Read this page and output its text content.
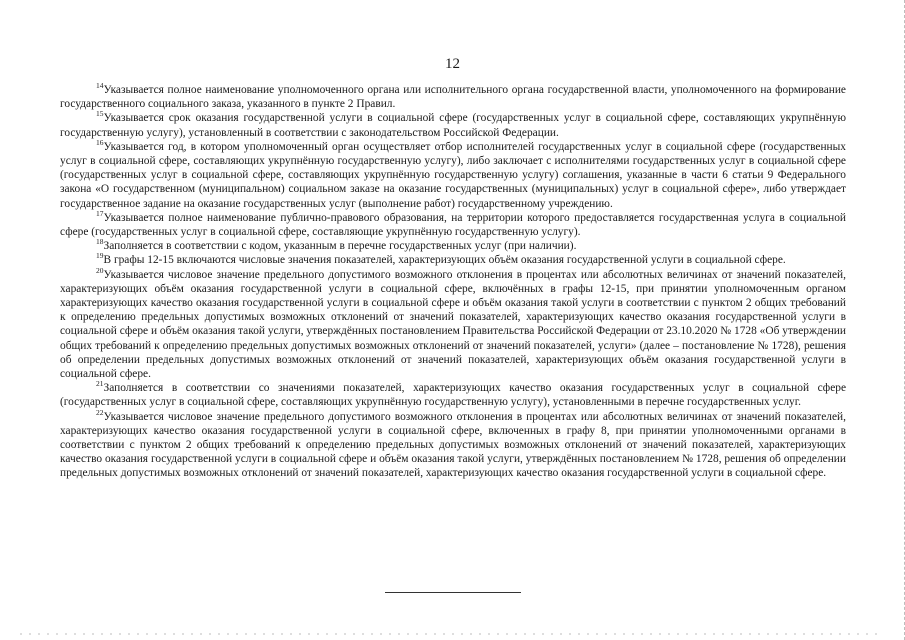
12

$^{14}$Указывается полное наименование уполномоченного органа или исполнительного органа государственной власти, уполномоченного на формирование государственного социального заказа, указанного в пункте 2 Правил.

$^{15}$Указывается срок оказания государственной услуги в социальной сфере (государственных услуг в социальной сфере, составляющих укрупнённую государственную услугу), установленный в соответствии с законодательством Российской Федерации.

$^{16}$Указывается год, в котором уполномоченный орган осуществляет отбор исполнителей государственных услуг в социальной сфере (государственных услуг в социальной сфере, составляющих укрупнённую государственную услугу), либо заключает с исполнителями государственных услуг в социальной сфере (государственных услуг в социальной сфере, составляющих укрупнённую государственную услугу) соглашения, указанные в части 6 статьи 9 Федерального закона «О государственном (муниципальном) социальном заказе на оказание государственных (муниципальных) услуг в социальной сфере», либо утверждает государственное задание на оказание государственных услуг (выполнение работ) государственному учреждению.

$^{17}$Указывается полное наименование публично-правового образования, на территории которого предоставляется государственная услуга в социальной сфере (государственных услуг в социальной сфере, составляющие укрупнённую государственную услугу).

$^{18}$Заполняется в соответствии с кодом, указанным в перечне государственных услуг (при наличии).

$^{19}$В графы 12-15 включаются числовые значения показателей, характеризующих объём оказания государственной услуги в социальной сфере.

$^{20}$Указывается числовое значение предельного допустимого возможного отклонения в процентах или абсолютных величинах от значений показателей, характеризующих объём оказания государственной услуги в социальной сфере, включённых в графы 12-15, при принятии уполномоченным органом характеризующих качество оказания государственной услуги в социальной сфере и объём оказания такой услуги в соответствии с пунктом 2 общих требований к определению предельных допустимых возможных отклонений от значений показателей, характеризующих качество оказания государственной услуги в социальной сфере и объём оказания такой услуги, утверждённых постановлением Правительства Российской Федерации от 23.10.2020 № 1728 «Об утверждении общих требований к определению предельных допустимых возможных отклонений от значений показателей, услуги» (далее – постановление № 1728), решения об определении предельных допустимых возможных отклонений от значений показателей, характеризующих объём оказания государственной услуги в социальной сфере.

$^{21}$Заполняется в соответствии со значениями показателей, характеризующих качество оказания государственных услуг в социальной сфере (государственных услуг в социальной сфере, составляющих укрупнённую государственную услугу), установленными в перечне государственных услуг.

$^{22}$Указывается числовое значение предельного допустимого возможного отклонения в процентах или абсолютных величинах от значений показателей, характеризующих качество оказания государственной услуги в социальной сфере, включенных в графу 8, при принятии уполномоченными органами в соответствии с пунктом 2 общих требований к определению предельных допустимых возможных отклонений от значений показателей, характеризующих качество оказания государственной услуги в социальной сфере и объём оказания такой услуги, утверждённых постановлением № 1728, решения об определении предельных допустимых возможных отклонений от значений показателей, характеризующих качество оказания государственной услуги в социальной сфере.
